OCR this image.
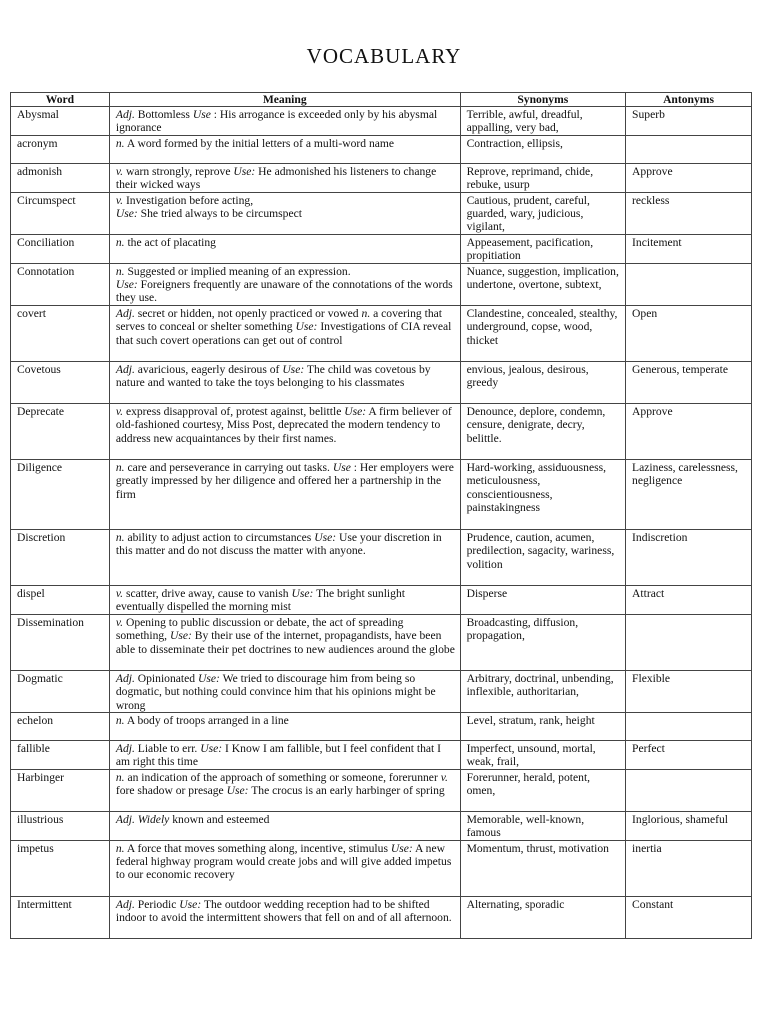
VOCABULARY
Word	Meaning	Synonyms	Antonyms
Abysmal	Adj. Bottomless Use : His arrogance is exceeded only by his abysmal ignorance	Terrible, awful, dreadful, appalling, very bad,	Superb
acronym	n. A word formed by the initial letters of a multi-word name	Contraction, ellipsis,	
admonish	v. warn strongly, reprove Use: He admonished his listeners to change their wicked ways	Reprove, reprimand, chide, rebuke, usurp	Approve
Circumspect	v. Investigation before acting,
Use: She tried always to be circumspect	Cautious, prudent, careful, guarded, wary, judicious, vigilant,	reckless
Conciliation	n. the act of placating	Appeasement, pacification, propitiation	Incitement
Connotation	n. Suggested or implied meaning of an expression.
Use: Foreigners frequently are unaware of the connotations of the words they use.	Nuance, suggestion, implication, undertone, overtone, subtext,	
covert	Adj. secret or hidden, not openly practiced or vowed n. a covering that serves to conceal or shelter something Use: Investigations of CIA reveal that such covert operations can get out of control	Clandestine, concealed, stealthy, underground, copse, wood, thicket	Open
Covetous	Adj. avaricious, eagerly desirous of Use: The child was covetous by nature and wanted to take the toys belonging to his classmates	envious, jealous, desirous, greedy	Generous, temperate
Deprecate	v. express disapproval of, protest against, belittle Use: A firm believer of old-fashioned courtesy, Miss Post, deprecated the modern tendency to address new acquaintances by their first names.	Denounce, deplore, condemn, censure, denigrate, decry, belittle.	Approve
Diligence	n. care and perseverance in carrying out tasks. Use : Her employers were greatly impressed by her diligence and offered her a partnership in the firm	Hard-working, assiduousness, meticulousness, conscientiousness, painstakingness	Laziness, carelessness, negligence
Discretion	n. ability to adjust action to circumstances Use: Use your discretion in this matter and do not discuss the matter with anyone.	Prudence, caution, acumen, predilection, sagacity, wariness, volition	Indiscretion
dispel	v. scatter, drive away, cause to vanish Use: The bright sunlight eventually dispelled the morning mist	Disperse	Attract
Dissemination	v. Opening to public discussion or debate, the act of spreading something, Use: By their use of the internet, propagandists, have been able to disseminate their pet doctrines to new audiences around the globe	Broadcasting, diffusion, propagation,	
Dogmatic	Adj. Opinionated Use: We tried to discourage him from being so dogmatic, but nothing could convince him that his opinions might be wrong	Arbitrary, doctrinal, unbending, inflexible, authoritarian,	Flexible
echelon	n. A body of troops arranged in a line	Level, stratum, rank, height	
fallible	Adj. Liable to err. Use: I Know I am fallible, but I feel confident that I am right this time	Imperfect, unsound, mortal, weak, frail,	Perfect
Harbinger	n. an indication of the approach of something or someone, forerunner v. fore shadow or presage Use: The crocus is an early harbinger of spring	Forerunner, herald, potent, omen,	
illustrious	Adj. Widely known and esteemed	Memorable, well-known, famous	Inglorious, shameful
impetus	n. A force that moves something along, incentive, stimulus Use: A new federal highway program would create jobs and will give added impetus to our economic recovery	Momentum, thrust, motivation	inertia
Intermittent	Adj. Periodic Use: The outdoor wedding reception had to be shifted indoor to avoid the intermittent showers that fell on and of all afternoon.	Alternating, sporadic	Constant
